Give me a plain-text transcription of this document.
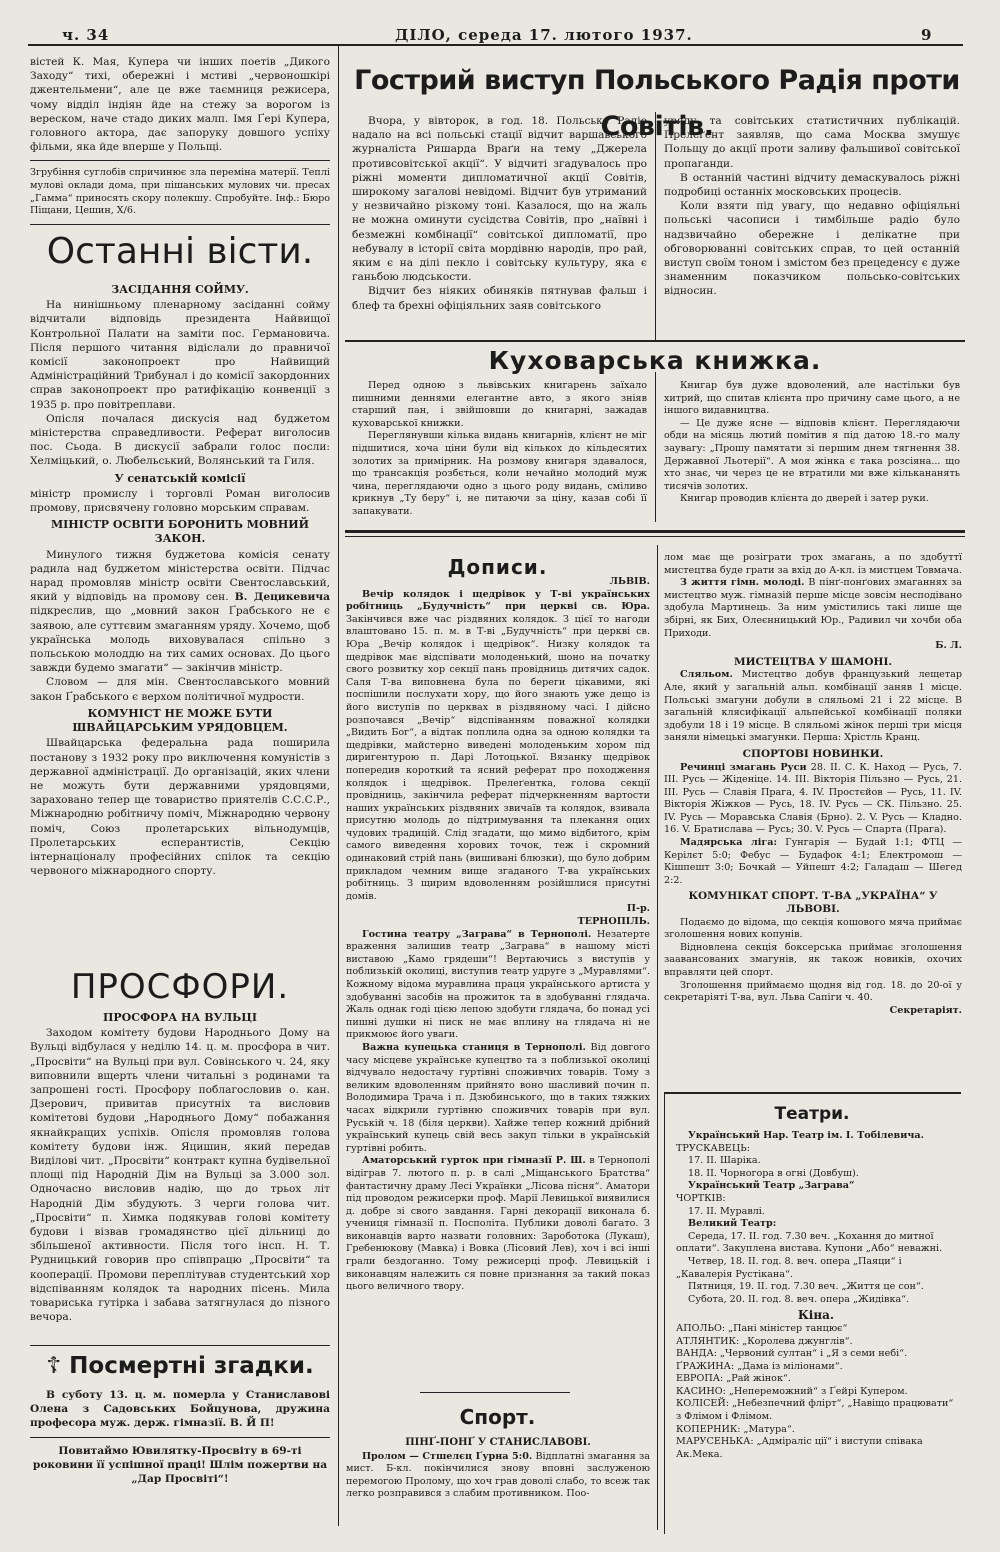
ч. 34	ДІЛО, середа 17. лютого 1937.	9

вістей К. Мая, Купера чи інших поетів „Дикого Заходу“ тихі, обережні і мстиві „червоношкірі джентельмени“, але це вже таємниця режисера, чому відділ індіян йде на стежу за ворогом із вереском, наче стадо диких малп. Імя Ґері Купера, головного актора, дає запоруку довшого успіху фільми, яка йде вперше у Польщі.

Згрубіння суглобів спричинює зла переміна матерії. Теплі мулові оклади дома, при пішанських мулових чи. пресах „Гамма“ приносять скору полекшу. Спробуйте. Інф.: Бюро Піщани, Цешин, Х/6.

Останні вісти.
ЗАСІДАННЯ СОЙМУ.

На нинішньому пленарному засіданні сойму відчитали відповідь президента Найвищої Контрольної Палати на заміти пос. Германовича. Після першого читання відіслали до правничої комісії законопроект про Найвищий Адміністраційний Трибунал і до комісії закордонних справ законопроект про ратифікацію конвенції з 1935 р. про повітреплави.

Опісля почалася дискусія над буджетом міністерства справедливости. Реферат виголосив пос. Сьода. В дискусії забрали голос посли: Хелміцький, о. Любельський, Волянський та Гиля.

У сенатській комісії

міністр промислу і торговлі Роман виголосив промову, присвячену головно морським справам.

МІНІСТР ОСВІТИ БОРОНИТЬ МОВНИЙ ЗАКОН.

Минулого тижня буджетова комісія сенату радила над буджетом міністерства освіти. Підчас нарад промовляв міністр освіти Свентославський, який у відповідь на промову сен. В. Децикевича підкреслив, що „мовний закон Ґрабського не є заявою, але суттєвим змаганням уряду. Хочемо, щоб українська молодь виховувалася спільно з польською молоддю на тих самих основах. До цього завжди будемо змагати“ — закінчив міністр.

Словом — для мін. Свентославського мовний закон Ґрабського є верхом політичної мудрости.

КОМУНІСТ НЕ МОЖЕ БУТИ ШВАЙЦАРСЬКИМ УРЯДОВЦЕМ.

Швайцарська федеральна рада поширила постанову з 1932 року про виключення комуністів з державної адміністрації. До організацій, яких члени не можуть бути державними урядовцями, зараховано тепер ще товариство приятелів С.С.С.Р., Міжнародню робітничу поміч, Міжнародню червону поміч, Союз пролетарських вільнодумців, Пролетарських есперантистів, Секцію інтернаціоналу професійних спілок та секцію червоного міжнародного спорту.

ПРОСФОРИ.
ПРОСФОРА НА ВУЛЬЦІ

Заходом комітету будови Народнього Дому на Вульці відбулася у неділю 14. ц. м. просфора в чит. „Просвіти“ на Вульці при вул. Совінського ч. 24, яку виповнили вщерть члени читальні з родинами та запрошені гості. Просфору поблагословив о. кан. Дзерович, привитав присутніх та висловив комітетові будови „Народнього Дому“ побажання якнайкращих успіхів. Опісля промовляв голова комітету будови інж. Яцишин, який передав Виділові чит. „Просвіти“ контракт купна будівельної площі під Народній Дім на Вульці за 3.000 зол. Одночасно висловив надію, що до трьох літ Народній Дім збудують. З черги голова чит. „Просвіти“ п. Химка подякував голові комітету будови і візвав громадянство цієї дільниці до збільшеної активности. Після того інсп. Н. Т. Рудницький говорив про співпрацю „Просвіти“ та кооперації. Промови переплітував студентський хор відспіванням колядок та народних пісень. Мила товариська гутірка і забава затягнулася до пізного вечора.

☦ Посмертні згадки.

В суботу 13. ц. м. померла у Станиславові Олена з Садовських Бойцунова, дружина професора муж. держ. гімназії. В. Й П!

Повитаймо Ювилятку-Просвіту в 69-ті роковини її успішної праці! Шлім пожертви на „Дар Просвіті“!

Гострий виступ Польського Радія проти Совітів.

Вчора, у вівторок, в год. 18. Польське Радіо надало на всі польські стації відчит варшавського журналіста Ришарда Враґи на тему „Джерела противсовітської акції“. У відчиті згадувалось про ріжні моменти дипломатичної акції Совітів, широкому загалові невідомі. Відчит був утриманий у незвичайно різкому тоні. Казалося, що на жаль не можна оминути сусідства Совітів, про „наївні і безмежні комбінації“ совітської дипломатії, про небувалу в історії світа мордівню народів, про рай, яким є на ділі пекло і совітську культуру, яка є ганьбою людськости.

Відчит без ніяких обиняків пятнував фальш і блеф та брехні офіціяльних заяв совітського

уряду та совітських статистичних публікацій. Прелеґент заявляв, що сама Москва змушує Польщу до акції проти заливу фальшивої совітської пропаганди.

В останній частині відчиту демаскувалось ріжні подробиці останніх московських процесів.

Коли взяти під увагу, що недавно офіціяльні польські часописи і тимбільше радіо було надзвичайно обережне і делікатне при обговорюванні совітських справ, то цей останній виступ своїм тоном і змістом без прецеденсу є дуже знаменним показчиком польсько-совітських відносин.

Куховарська книжка.

Перед одною з львівських книгарень заїхало пишними деннями елегантне авто, з якого зніяв старший пан, і звійшовши до книгарні, зажадав куховарської книжки.

Переглянувши кілька видань книгарнів, клієнт не міг підшитися, хоча ціни були від кількох до кільдесятих золотих за примірник. На розмову книгаря здавалося, що трансакція розбється, коли нечайно молодий муж чина, переглядаючи одно з цього роду видань, сміливо крикнув „Ту беру“ і, не питаючи за ціну, казав собі її запакувати.

Книгар був дуже вдоволений, але настільки був хитрий, що спитав клієнта про причину саме цього, а не іншого видавництва.

— Це дуже ясне — відповів клієнт. Переглядаючи обди на місяць лютий помітив я під датою 18.-го малу заувагу: „Прошу памятати зі першим днем тягнення 38. Державної Льотерії“. А моя жінка є така розсіяна... що хто знає, чи через це не втратили ми вже кількананять тисячів золотих.

Книгар проводив клієнта до дверей і затер руки.

Дописи.
ЛЬВІВ.

Вечір колядок і щедрівок у Т-ві українських робітниць „Будучність“ при церкві св. Юра. Закінчився вже час різдвяних колядок. З цієї то нагоди влаштовано 15. п. м. в Т-ві „Будучність“ при церкві св. Юра „Вечір колядок і щедрівок“. Низку колядок та щедрівок має відспівати молоденький, шоно на початку свого розвитку хор секції пань провідниць дитячих садок. Саля Т-ва виповнена була по береги цікавими, які поспішили послухати хору, що його знають уже дещо із його виступів по церквах в різдвяному часі. І дійсно розпочався „Вечір“ відспіванням поважної колядки „Видить Бог“, а відтак поплила одна за одною колядки та щедрівки, майстерно виведені молоденьким хором під диригентурою п. Дарі Лотоцької. Вязанку щедрівок попередив короткий та ясний реферат про походження колядок і щедрівок. Прелеґентка, голова секції провідниць, закінчила реферат підчеркненням вартости наших українських різдвяних звичаїв та колядок, взивала присутню молодь до підтримування та плекання оцих чудових традицій. Слід згадати, що мимо відбитого, крім самого виведення хорових точок, теж і скромний одинаковий стрій пань (вишивані блюзки), що було добрим прикладом чемним вище згаданого Т-ва українських робітниць. З щирим вдоволенням розійшлися присутні домів.

П-р.
ТЕРНОПІЛЬ.

Гостина театру „Заграва“ в Тернополі. Незатерте враження залишив театр „Заграва“ в нашому місті виставою „Камо грядеши“! Вертаючись з виступів у поблизькій околиці, виступив театр удруге з „Муравлями“. Кожному відома муравлина праця українського артиста у здобуванні засобів на прожиток та в здобуванні глядача. Жаль однак годі цією лепою здобути глядача, бо понад усі пишні душки ні писк не має вплину на глядача ні не прикмоює його уваги.

Важна купецька станиця в Тернополі. Від довгого часу місцеве українське купецтво та з поблизької околиці відчувало недостачу гуртівні споживчих товарів. Тому з великим вдоволенням прийнято воно шасливий почин п. Володимира Трача і п. Дзюбинського, що в таких тяжких часах відкрили гуртівню споживчих товарів при вул. Руській ч. 18 (біля церкви). Хайже тепер кожний дрібний український купець свій весь закуп тільки в українській гуртівні робить.

Аматорський гурток при гімназії Р. Ш. в Тернополі відіграв 7. лютого п. р. в салі „Міщанського Братства“ фантастичну драму Лесі Українки „Лісова пісня“. Аматори під проводом режисерки проф. Марії Левицької виявилися д. добре зі свого завдання. Гарні декорації виконала б. учениця гімназії п. Посполіта. Публики доволі багато. З виконавців варто назвати головних: Зароботока (Лукаш), Гребенюкову (Мавка) і Вовка (Лісовий Лев), хоч і всі інші грали бездоганно. Тому режисерці проф. Левицькій і виконавцям належить ся повне признання за такий показ цього величного твору.

Спорт.
ПІНҐ-ПОНҐ У СТАНИСЛАВОВІ.

Пролом — Стшелєц Ґурна 5:0. Відплатні змагання за мист. Б-кл. покінчилися знову вповні заслуженою перемогою Пролому, що хоч грав доволі слабо, то всеж так легко розправився з слабим противником. Поо-

лом має ще розіграти трох змагань, а по здобуттї мистецтва буде грати за вхід до А-кл. із мистцем Товмача.

З життя гімн. молоді. В пінґ-понґових змаганнях за мистецтво муж. гімназій перше місце зовсім несподівано здобула Мартинець. За ним умістились такі лише ще збірні, як Бих, Олеєнницький Юр., Радивил чи хочби оба Приходи.

Б. Л.
МИСТЕЦТВА У ШАМОНІ.

Сляльом. Мистецтво добув французький лещетар Але, який у загальній альп. комбінації заняв 1 місце. Польські змагуни добули в сляльомі 21 і 22 місце. В загальній клясифікації альпейської комбінації поляки здобули 18 і 19 місце. В сляльомі жінок перші три місця заняли німецькі змагунки. Перша: Хрістль Кранц.

СПОРТОВІ НОВИНКИ.

Речинці змагань Руси 28. II. С. К. Наход — Русь, 7. III. Русь — Жіденіце. 14. III. Вікторія Пільзно — Русь, 21. III. Русь — Славія Прага, 4. IV. Простєйов — Русь, 11. IV. Вікторія Жіжков — Русь, 18. IV. Русь — СК. Пільзно. 25. IV. Русь — Моравська Славія (Брно). 2. V. Русь — Кладно. 16. V. Братислава — Русь; 30. V. Русь — Спарта (Прага).

Мадярська ліга: Гунгарія — Будай 1:1; ФТЦ — Керілєт 5:0; Фебус — Будафок 4:1; Електромош — Кішпешт 3:0; Бочкай — Уйпешт 4:2; Галадаш — Шегед 2:2.

КОМУНІКАТ СПОРТ. Т-ВА „УКРАЇНА“ У ЛЬВОВІ.

Подаємо до відома, що секція кошового мяча приймає зголошення нових копунів.

Відновлена секція боксерська приймає зголошення заавансованих змагунів, як також новиків, охочих вправляти цей спорт.

Зголошення приймаємо щодня від год. 18. до 20-ої у секретаріяті Т-ва, вул. Льва Сапіги ч. 40.

Секретаріят.
Театри.

Український Нар. Театр ім. І. Тобілевича.

ТРУСКАВЕЦЬ:

17. II. Шаріка.

18. II. Чорногора в огні (Довбуш).

Український Театр „Заграва“

ЧОРТКІВ:

17. II. Муравлі.

Великий Театр:

Середа, 17. II. год. 7.30 веч. „Кохання до митної оплати“. Закуплена вистава. Купони „Або“ неважні.

Четвер, 18. II. год. 8. веч. опера „Паяци“ і „Кавалерія Рустікана“.

Пятниця, 19. II. год. 7.30 веч. „Життя це сон“.

Субота, 20. II. год. 8. веч. опера „Жидівка“.

Кіна.

АПОЛЬО: „Пані міністер танцює“

АТЛЯНТИК: „Королева джунглів“.

ВАНДА: „Червоний султан“ і „Я з семи небі“.

ҐРАЖИНА: „Дама із міліонами“.

ЕВРОПА: „Рай жінок“.

КАСИНО: „Непереможний“ з Ґейрі Купером.

КОЛІСЕЙ: „Небезпечний флірт“, „Навіщо працювати“ з Флімом і Флімом.

КОПЕРНИК: „Матура“.

МАРУСЕНЬКА: „Адміраліс ції“ і виступи співака Ак.Мека.
